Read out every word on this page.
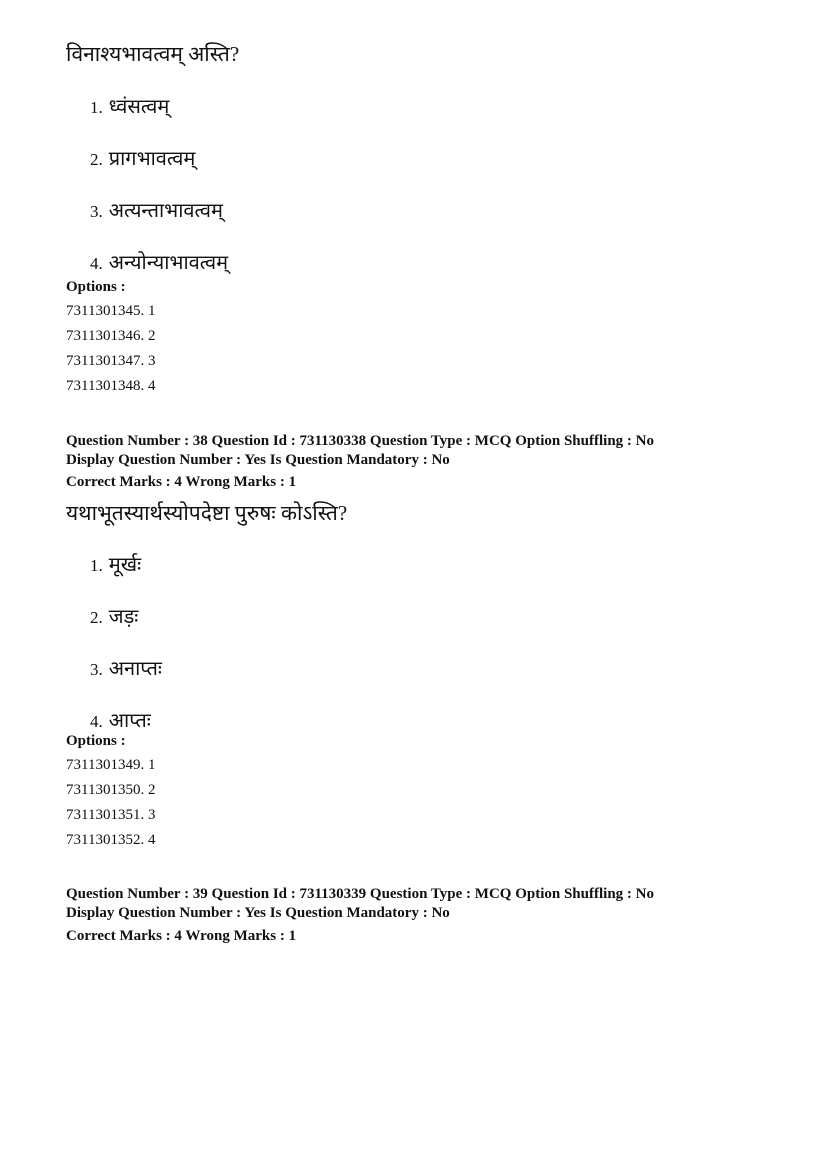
विनाश्यभावत्वम् अस्ति?
1. ध्वंसत्वम्
2. प्रागभावत्वम्
3. अत्यन्ताभावत्वम्
4. अन्योन्याभावत्वम्
Options :
7311301345. 1
7311301346. 2
7311301347. 3
7311301348. 4
Question Number : 38 Question Id : 731130338 Question Type : MCQ Option Shuffling : No
Display Question Number : Yes Is Question Mandatory : No
Correct Marks : 4 Wrong Marks : 1
यथाभूतस्यार्थस्योपदेष्टा पुरुषः कोऽस्ति?
1. मूर्खः
2. जड़ः
3. अनाप्तः
4. आप्तः
Options :
7311301349. 1
7311301350. 2
7311301351. 3
7311301352. 4
Question Number : 39 Question Id : 731130339 Question Type : MCQ Option Shuffling : No
Display Question Number : Yes Is Question Mandatory : No
Correct Marks : 4 Wrong Marks : 1
